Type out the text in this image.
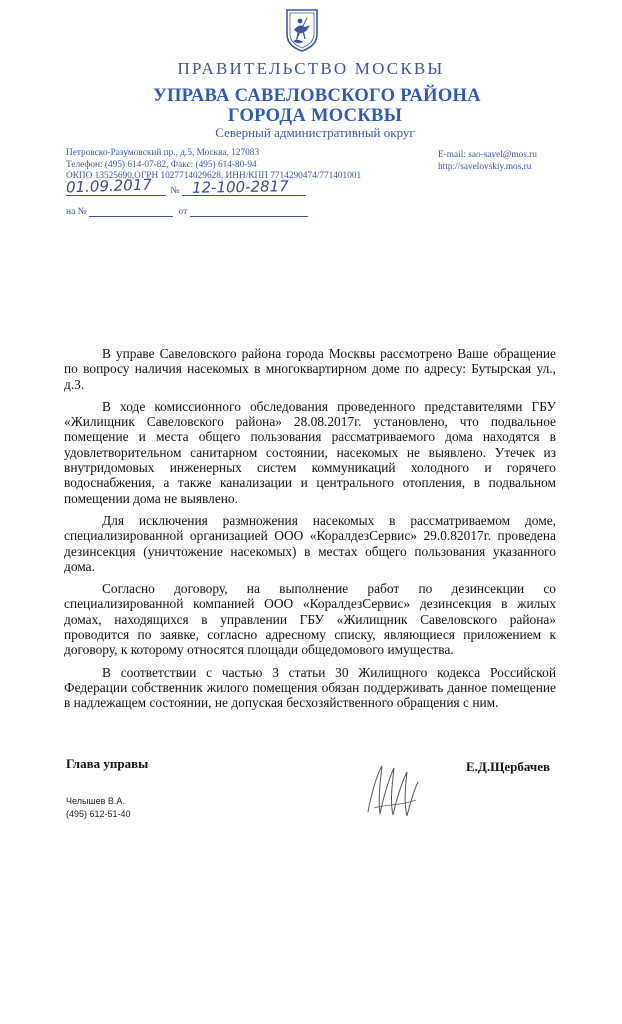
ПРАВИТЕЛЬСТВО МОСКВЫ
УПРАВА САВЕЛОВСКОГО РАЙОНА
ГОРОДА МОСКВЫ
Северный административный округ
Петровско-Разумовский пр., д.5, Москва, 127083
Телефон: (495) 614-07-82, Факс: (495) 614-80-94
ОКПО 13525690,ОГРН 1027714029628, ИНН/КПП 7714290474/771401001
E-mail: sao-savel@mos.ru
http://savelovskiy.mos.ru
№
01.09.2017	12-100-2817
на №	от

В управе Савеловского района города Москвы рассмотрено Ваше обращение по вопросу наличия насекомых в многоквартирном доме по адресу: Бутырская ул., д.3.

В ходе комиссионного обследования проведенного представителями ГБУ «Жилищник Савеловского района» 28.08.2017г. установлено, что подвальное помещение и места общего пользования рассматриваемого дома находятся в удовлетворительном санитарном состоянии, насекомых не выявлено. Утечек из внутридомовых инженерных систем коммуникаций холодного и горячего водоснабжения, а также канализации и центрального отопления, в подвальном помещении дома не выявлено.

Для исключения размножения насекомых в рассматриваемом доме, специализированной организацией ООО «КоралдезСервис» 29.0.82017г. проведена дезинсекция (уничтожение насекомых) в местах общего пользования указанного дома.

Согласно договору, на выполнение работ по дезинсекции со специализированной компанией ООО «КоралдезСервис» дезинсекция в жилых домах, находящихся в управлении ГБУ «Жилищник Савеловского района» проводится по заявке, согласно адресному списку, являющиеся приложением к договору, к которому относятся площади общедомового имущества.

В соответствии с частью 3 статьи 30 Жилищного кодекса Российской Федерации собственник жилого помещения обязан поддерживать данное помещение в надлежащем состоянии, не допуская бесхозяйственного обращения с ним.

Глава управы	Е.Д.Щербачев
Челышев В.А.
(495) 612-51-40
